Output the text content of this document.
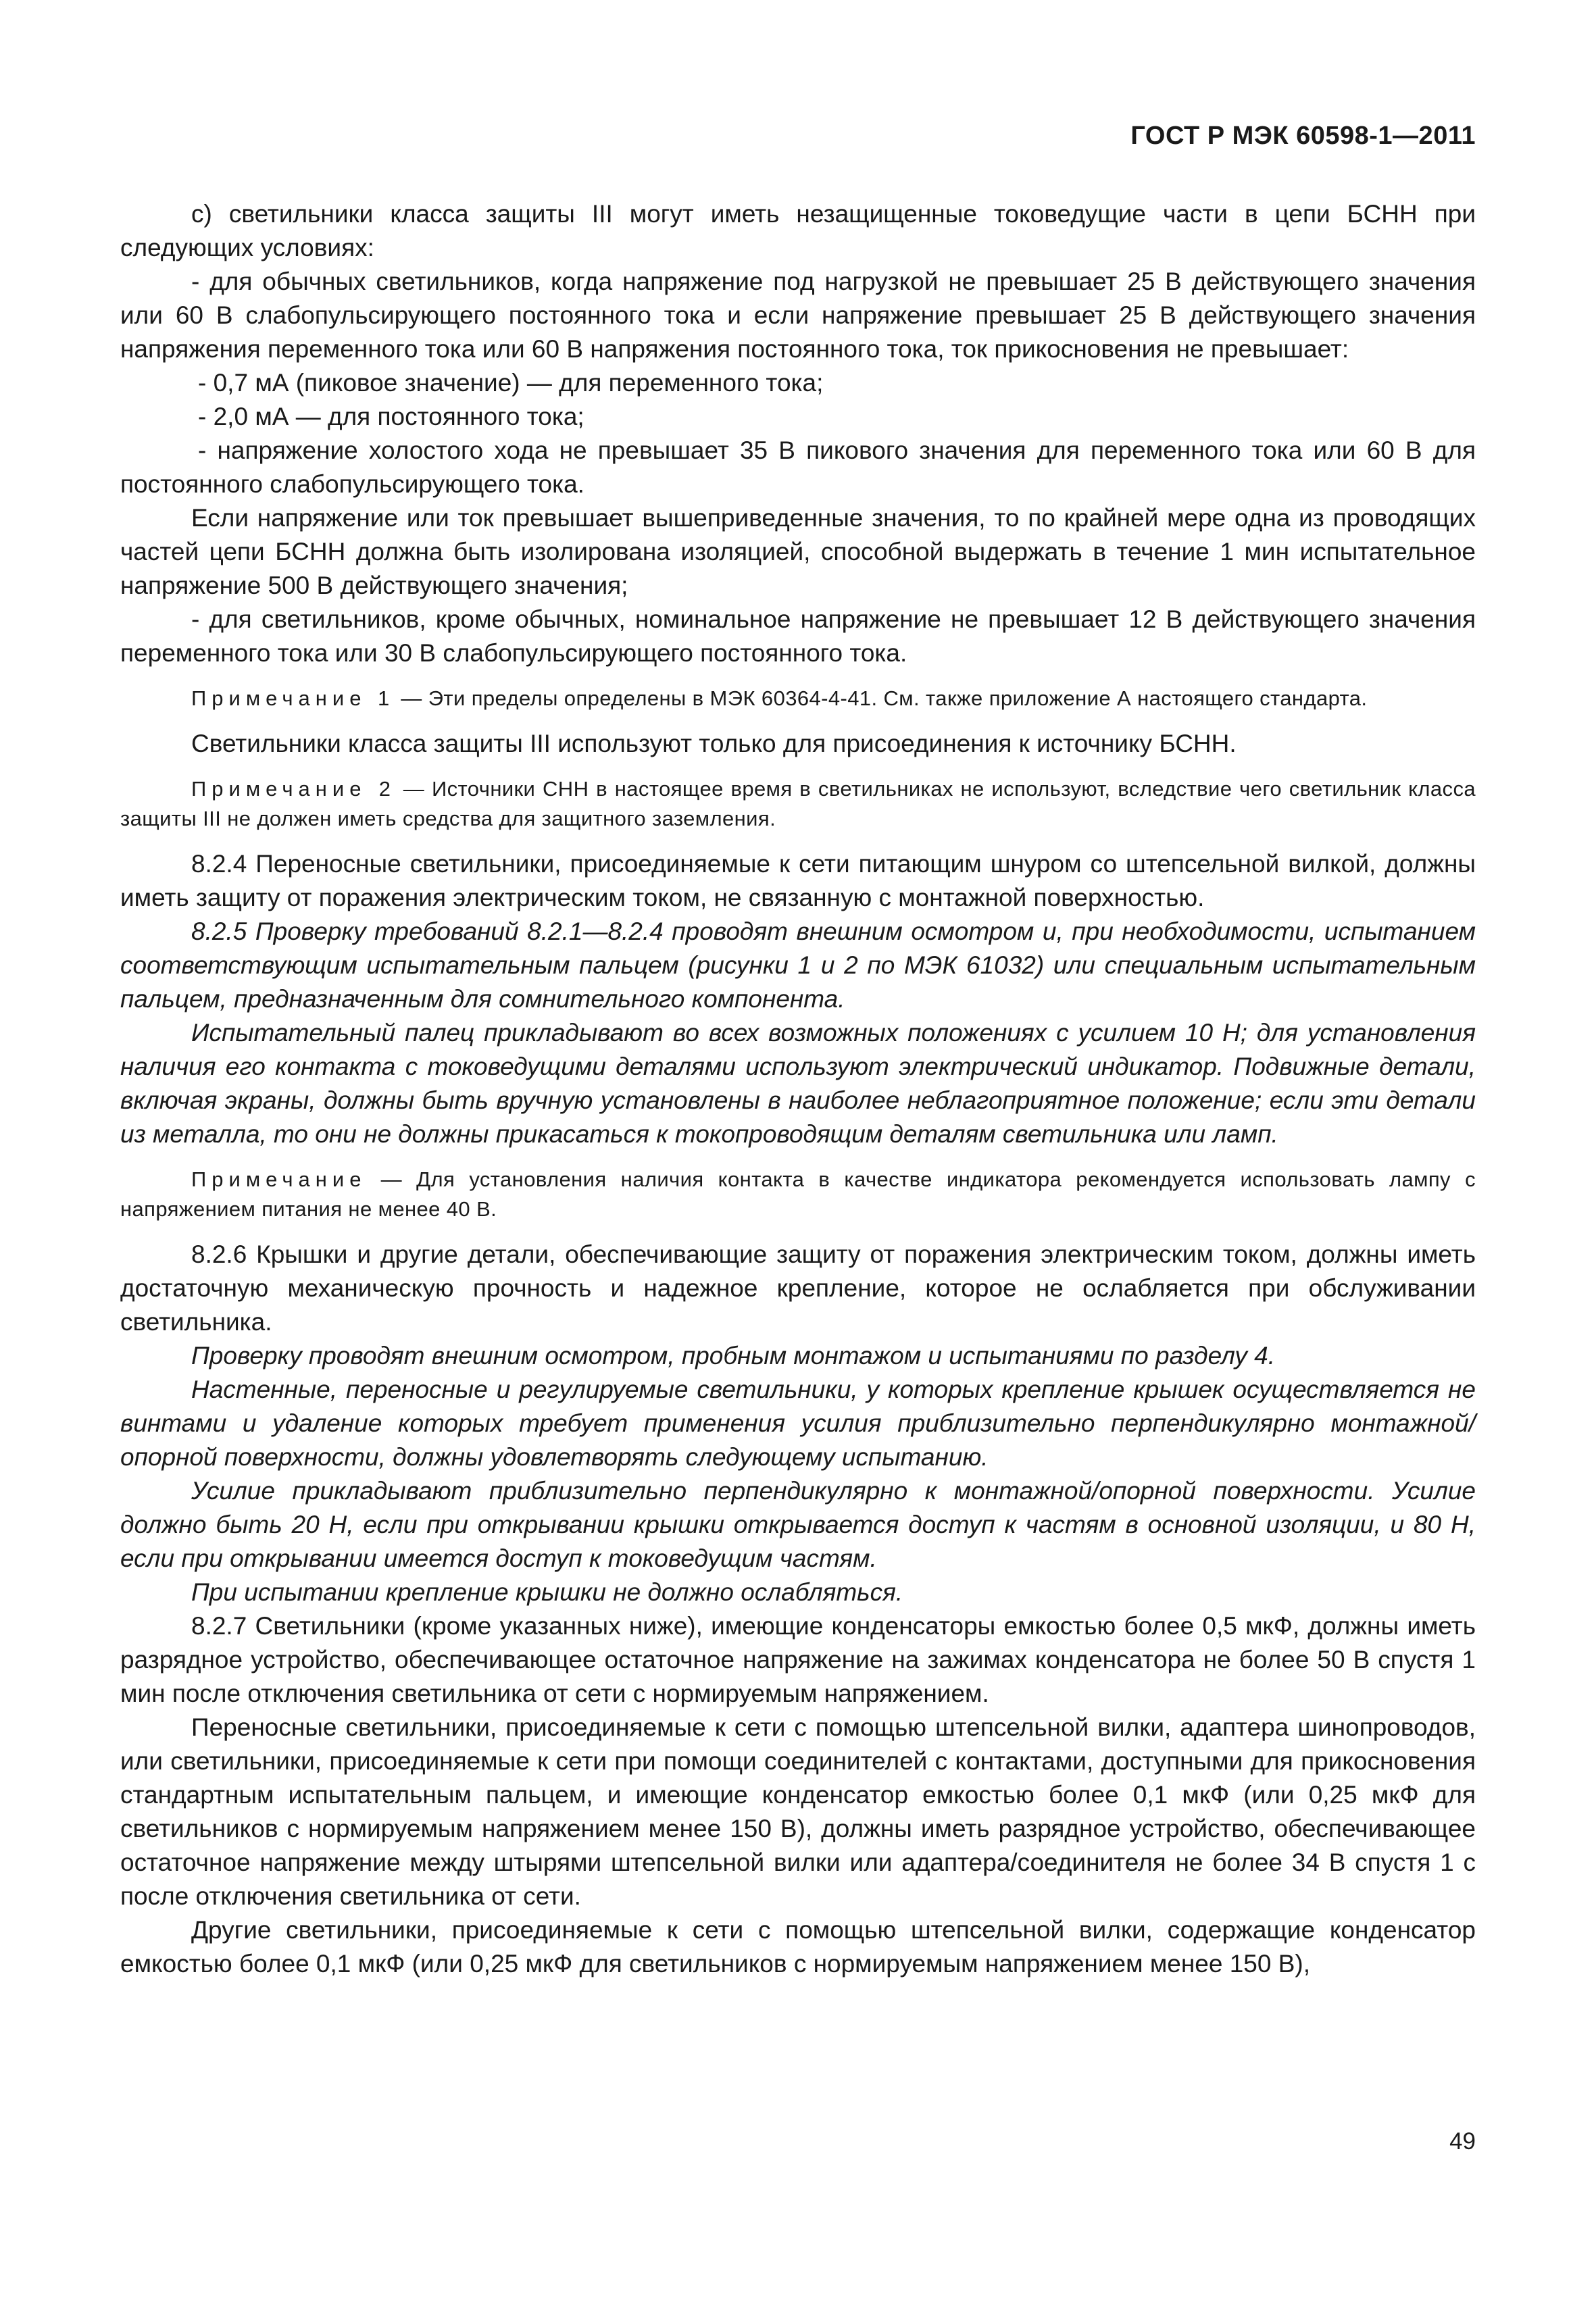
ГОСТ Р МЭК 60598-1—2011

с) светильники класса защиты III могут иметь незащищенные токоведущие части в цепи БСНН при следующих условиях:

- для обычных светильников, когда напряжение под нагрузкой не превышает 25 В действующего значения или 60 В слабопульсирующего постоянного тока и если напряжение превышает 25 В действующего значения напряжения переменного тока или 60 В напряжения постоянного тока, ток прикосновения не превышает:

- 0,7 мА (пиковое значение) — для переменного тока;

- 2,0 мА — для постоянного тока;

- напряжение холостого хода не превышает 35 В пикового значения для переменного тока или 60 В для постоянного слабопульсирующего тока.

Если напряжение или ток превышает вышеприведенные значения, то по крайней мере одна из проводящих частей цепи БСНН должна быть изолирована изоляцией, способной выдержать в течение 1 мин испытательное напряжение 500 В действующего значения;

- для светильников, кроме обычных, номинальное напряжение не превышает 12 В действующего значения переменного тока или 30 В слабопульсирующего постоянного тока.

Примечание 1 — Эти пределы определены в МЭК 60364-4-41. См. также приложение А настоящего стандарта.

Светильники класса защиты III используют только для присоединения к источнику БСНН.

Примечание 2 — Источники СНН в настоящее время в светильниках не используют, вследствие чего светильник класса защиты III не должен иметь средства для защитного заземления.

8.2.4 Переносные светильники, присоединяемые к сети питающим шнуром со штепсельной вилкой, должны иметь защиту от поражения электрическим током, не связанную с монтажной поверхностью.

8.2.5 Проверку требований 8.2.1—8.2.4 проводят внешним осмотром и, при необходимости, испытанием соответствующим испытательным пальцем (рисунки 1 и 2 по МЭК 61032) или специальным испытательным пальцем, предназначенным для сомнительного компонента.

Испытательный палец прикладывают во всех возможных положениях с усилием 10 Н; для установления наличия его контакта с токоведущими деталями используют электрический индикатор. Подвижные детали, включая экраны, должны быть вручную установлены в наиболее неблагоприятное положение; если эти детали из металла, то они не должны прикасаться к токопроводящим деталям светильника или ламп.

Примечание — Для установления наличия контакта в качестве индикатора рекомендуется использовать лампу с напряжением питания не менее 40 В.

8.2.6 Крышки и другие детали, обеспечивающие защиту от поражения электрическим током, должны иметь достаточную механическую прочность и надежное крепление, которое не ослабляется при обслуживании светильника.

Проверку проводят внешним осмотром, пробным монтажом и испытаниями по разделу 4.

Настенные, переносные и регулируемые светильники, у которых крепление крышек осуществляется не винтами и удаление которых требует применения усилия приблизительно перпендикулярно монтажной/опорной поверхности, должны удовлетворять следующему испытанию.

Усилие прикладывают приблизительно перпендикулярно к монтажной/опорной поверхности. Усилие должно быть 20 Н, если при открывании крышки открывается доступ к частям в основной изоляции, и 80 Н, если при открывании имеется доступ к токоведущим частям.

При испытании крепление крышки не должно ослабляться.

8.2.7 Светильники (кроме указанных ниже), имеющие конденсаторы емкостью более 0,5 мкФ, должны иметь разрядное устройство, обеспечивающее остаточное напряжение на зажимах конденсатора не более 50 В спустя 1 мин после отключения светильника от сети с нормируемым напряжением.

Переносные светильники, присоединяемые к сети с помощью штепсельной вилки, адаптера шинопроводов, или светильники, присоединяемые к сети при помощи соединителей с контактами, доступными для прикосновения стандартным испытательным пальцем, и имеющие конденсатор емкостью более 0,1 мкФ (или 0,25 мкФ для светильников с нормируемым напряжением менее 150 В), должны иметь разрядное устройство, обеспечивающее остаточное напряжение между штырями штепсельной вилки или адаптера/соединителя не более 34 В спустя 1 с после отключения светильника от сети.

Другие светильники, присоединяемые к сети с помощью штепсельной вилки, содержащие конденсатор емкостью более 0,1 мкФ (или 0,25 мкФ для светильников с нормируемым напряжением менее 150 В),

49
